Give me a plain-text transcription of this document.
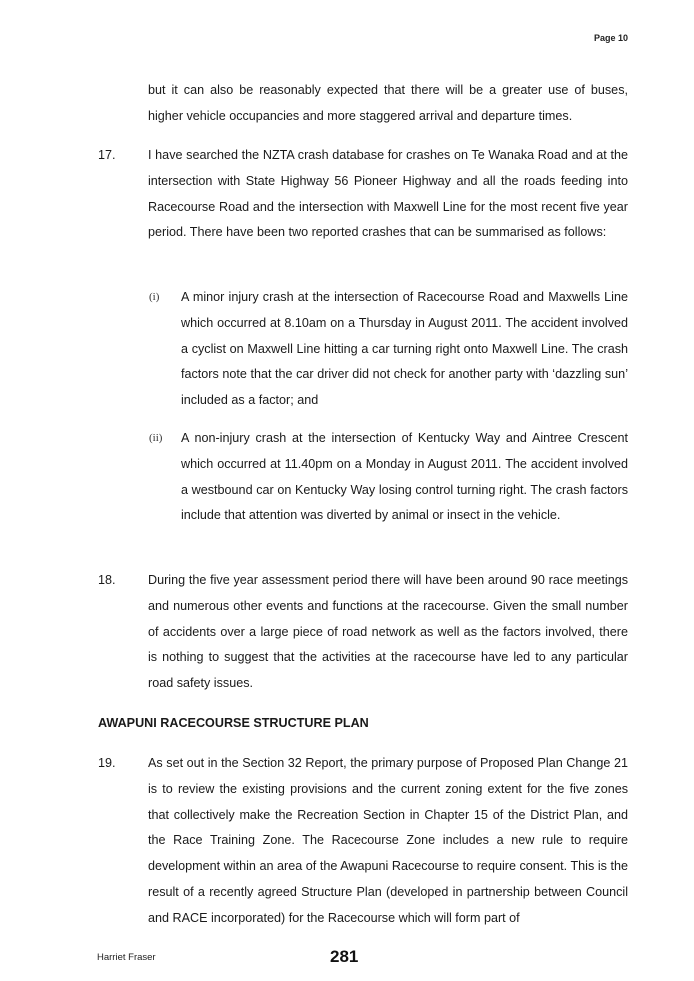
Page 10
but it can also be reasonably expected that there will be a greater use of buses, higher vehicle occupancies and more staggered arrival and departure times.
17.	I have searched the NZTA crash database for crashes on Te Wanaka Road and at the intersection with State Highway 56 Pioneer Highway and all the roads feeding into Racecourse Road and the intersection with Maxwell Line for the most recent five year period. There have been two reported crashes that can be summarised as follows:
(i) A minor injury crash at the intersection of Racecourse Road and Maxwells Line which occurred at 8.10am on a Thursday in August 2011. The accident involved a cyclist on Maxwell Line hitting a car turning right onto Maxwell Line. The crash factors note that the car driver did not check for another party with ‘dazzling sun’ included as a factor; and
(ii) A non-injury crash at the intersection of Kentucky Way and Aintree Crescent which occurred at 11.40pm on a Monday in August 2011. The accident involved a westbound car on Kentucky Way losing control turning right. The crash factors include that attention was diverted by animal or insect in the vehicle.
18.	During the five year assessment period there will have been around 90 race meetings and numerous other events and functions at the racecourse. Given the small number of accidents over a large piece of road network as well as the factors involved, there is nothing to suggest that the activities at the racecourse have led to any particular road safety issues.
AWAPUNI RACECOURSE STRUCTURE PLAN
19.	As set out in the Section 32 Report, the primary purpose of Proposed Plan Change 21 is to review the existing provisions and the current zoning extent for the five zones that collectively make the Recreation Section in Chapter 15 of the District Plan, and the Race Training Zone. The Racecourse Zone includes a new rule to require development within an area of the Awapuni Racecourse to require consent. This is the result of a recently agreed Structure Plan (developed in partnership between Council and RACE incorporated) for the Racecourse which will form part of
Harriet Fraser	281
